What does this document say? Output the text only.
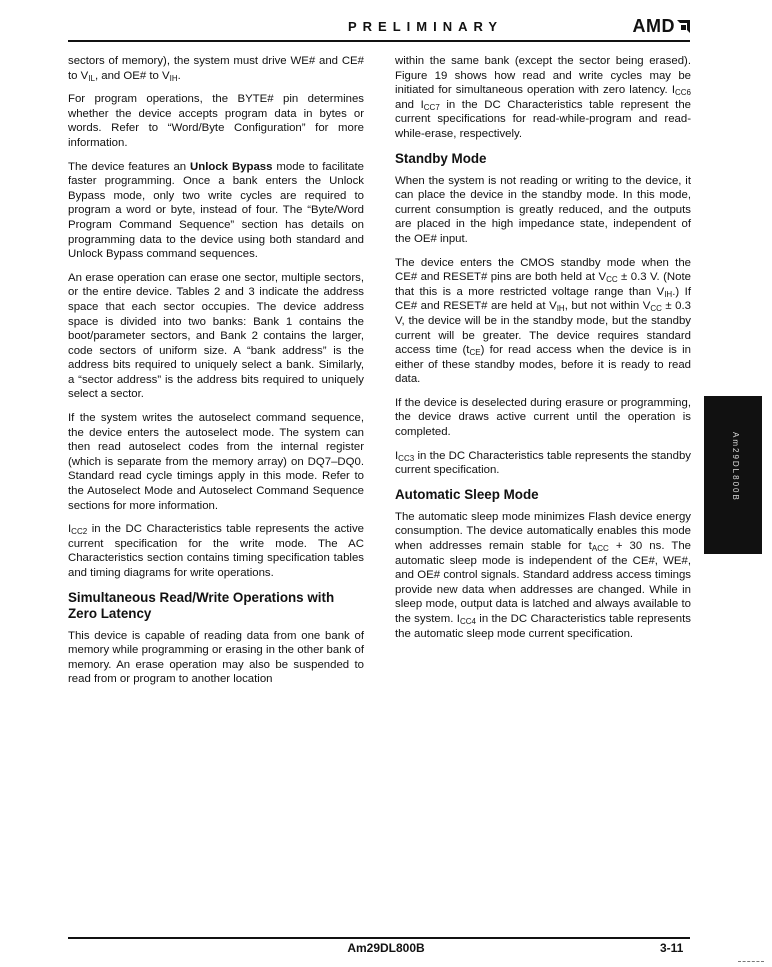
PRELIMINARY	AMD

sectors of memory), the system must drive WE# and CE# to $V_{IL}$, and OE# to $V_{IH}$.

For program operations, the BYTE# pin determines whether the device accepts program data in bytes or words. Refer to “Word/Byte Configuration” for more information.

The device features an Unlock Bypass mode to facilitate faster programming. Once a bank enters the Unlock Bypass mode, only two write cycles are required to program a word or byte, instead of four. The “Byte/Word Program Command Sequence” section has details on programming data to the device using both standard and Unlock Bypass command sequences.

An erase operation can erase one sector, multiple sectors, or the entire device. Tables 2 and 3 indicate the address space that each sector occupies. The device address space is divided into two banks: Bank 1 contains the boot/parameter sectors, and Bank 2 contains the larger, code sectors of uniform size. A “bank address” is the address bits required to uniquely select a bank. Similarly, a “sector address” is the address bits required to uniquely select a sector.

If the system writes the autoselect command sequence, the device enters the autoselect mode. The system can then read autoselect codes from the internal register (which is separate from the memory array) on DQ7–DQ0. Standard read cycle timings apply in this mode. Refer to the Autoselect Mode and Autoselect Command Sequence sections for more information.

$I_{CC2}$ in the DC Characteristics table represents the active current specification for the write mode. The AC Characteristics section contains timing specification tables and timing diagrams for write operations.

Simultaneous Read/Write Operations with Zero Latency

This device is capable of reading data from one bank of memory while programming or erasing in the other bank of memory. An erase operation may also be suspended to read from or program to another location

within the same bank (except the sector being erased). Figure 19 shows how read and write cycles may be initiated for simultaneous operation with zero latency. $I_{CC6}$ and $I_{CC7}$ in the DC Characteristics table represent the current specifications for read-while-program and read-while-erase, respectively.

Standby Mode

When the system is not reading or writing to the device, it can place the device in the standby mode. In this mode, current consumption is greatly reduced, and the outputs are placed in the high impedance state, independent of the OE# input.

The device enters the CMOS standby mode when the CE# and RESET# pins are both held at $V_{CC} \pm 0.3$ V. (Note that this is a more restricted voltage range than $V_{IH}$.) If CE# and RESET# are held at $V_{IH}$, but not within $V_{CC} \pm 0.3$ V, the device will be in the standby mode, but the standby current will be greater. The device requires standard access time $(t_{CE})$ for read access when the device is in either of these standby modes, before it is ready to read data.

If the device is deselected during erasure or programming, the device draws active current until the operation is completed.

$I_{CC3}$ in the DC Characteristics table represents the standby current specification.

Automatic Sleep Mode

The automatic sleep mode minimizes Flash device energy consumption. The device automatically enables this mode when addresses remain stable for $t_{ACC} + 30$ ns. The automatic sleep mode is independent of the CE#, WE#, and OE# control signals. Standard address access timings provide new data when addresses are changed. While in sleep mode, output data is latched and always available to the system. $I_{CC4}$ in the DC Characteristics table represents the automatic sleep mode current specification.

Am29DL800B
Am29DL800B	3-11
